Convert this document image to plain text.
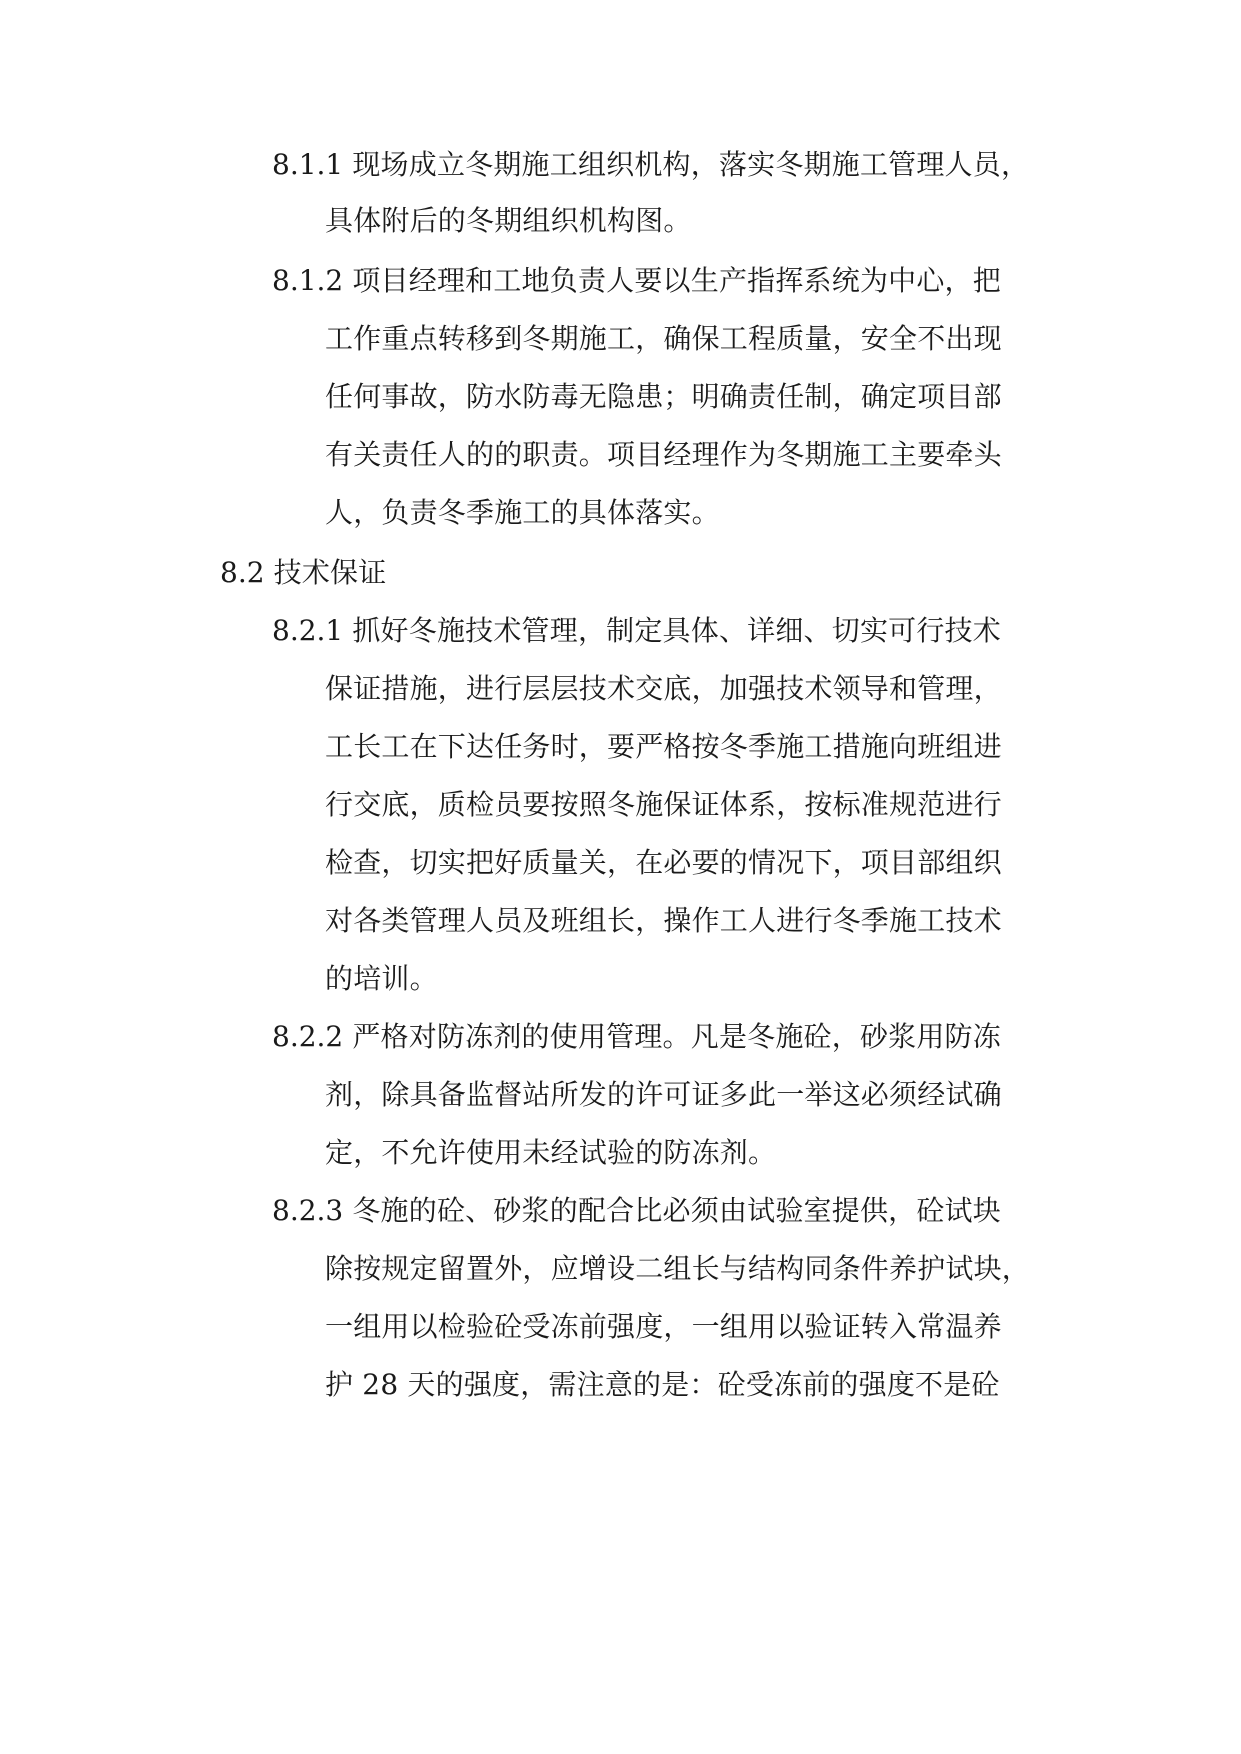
8.1.1 现场成立冬期施工组织机构，落实冬期施工管理人员，
具体附后的冬期组织机构图。
8.1.2 项目经理和工地负责人要以生产指挥系统为中心，把
工作重点转移到冬期施工，确保工程质量，安全不出现
任何事故，防水防毒无隐患；明确责任制，确定项目部
有关责任人的的职责。项目经理作为冬期施工主要牵头
人，负责冬季施工的具体落实。
8.2 技术保证
8.2.1 抓好冬施技术管理，制定具体、详细、切实可行技术
保证措施，进行层层技术交底，加强技术领导和管理，
工长工在下达任务时，要严格按冬季施工措施向班组进
行交底，质检员要按照冬施保证体系，按标准规范进行
检查，切实把好质量关，在必要的情况下，项目部组织
对各类管理人员及班组长，操作工人进行冬季施工技术
的培训。
8.2.2 严格对防冻剂的使用管理。凡是冬施砼，砂浆用防冻
剂，除具备监督站所发的许可证多此一举这必须经试确
定，不允许使用未经试验的防冻剂。
8.2.3 冬施的砼、砂浆的配合比必须由试验室提供，砼试块
除按规定留置外，应增设二组长与结构同条件养护试块，
一组用以检验砼受冻前强度，一组用以验证转入常温养
护 28 天的强度，需注意的是：砼受冻前的强度不是砼
